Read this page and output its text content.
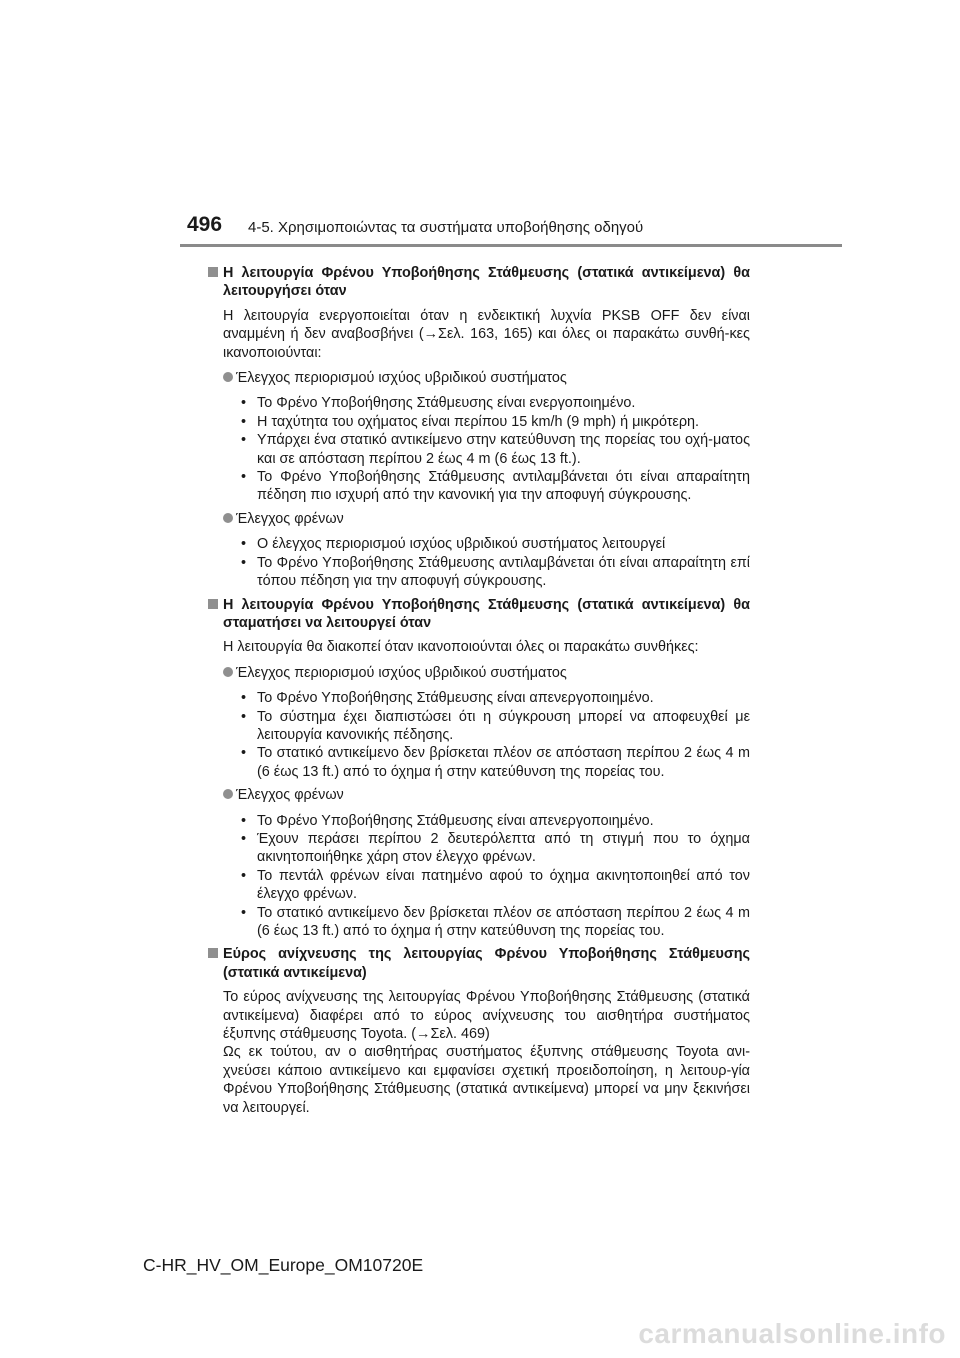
496 4-5. Χρησιμοποιώντας τα συστήματα υποβοήθησης οδηγού
Η λειτουργία Φρένου Υποβοήθησης Στάθμευσης (στατικά αντικείμενα) θα λειτουργήσει όταν
Η λειτουργία ενεργοποιείται όταν η ενδεικτική λυχνία PKSB OFF δεν είναι αναμμένη ή δεν αναβοσβήνει (→Σελ. 163, 165) και όλες οι παρακάτω συνθή-κες ικανοποιούνται:
Έλεγχος περιορισμού ισχύος υβριδικού συστήματος
• Το Φρένο Υποβοήθησης Στάθμευσης είναι ενεργοποιημένο.
• Η ταχύτητα του οχήματος είναι περίπου 15 km/h (9 mph) ή μικρότερη.
• Υπάρχει ένα στατικό αντικείμενο στην κατεύθυνση της πορείας του οχή-ματος και σε απόσταση περίπου 2 έως 4 m (6 έως 13 ft.).
• Το Φρένο Υποβοήθησης Στάθμευσης αντιλαμβάνεται ότι είναι απαραίτητη πέδηση πιο ισχυρή από την κανονική για την αποφυγή σύγκρουσης.
Έλεγχος φρένων
• Ο έλεγχος περιορισμού ισχύος υβριδικού συστήματος λειτουργεί
• Το Φρένο Υποβοήθησης Στάθμευσης αντιλαμβάνεται ότι είναι απαραίτητη επί τόπου πέδηση για την αποφυγή σύγκρουσης.
Η λειτουργία Φρένου Υποβοήθησης Στάθμευσης (στατικά αντικείμενα) θα σταματήσει να λειτουργεί όταν
Η λειτουργία θα διακοπεί όταν ικανοποιούνται όλες οι παρακάτω συνθήκες:
Έλεγχος περιορισμού ισχύος υβριδικού συστήματος
• Το Φρένο Υποβοήθησης Στάθμευσης είναι απενεργοποιημένο.
• Το σύστημα έχει διαπιστώσει ότι η σύγκρουση μπορεί να αποφευχθεί με λειτουργία κανονικής πέδησης.
• Το στατικό αντικείμενο δεν βρίσκεται πλέον σε απόσταση περίπου 2 έως 4 m (6 έως 13 ft.) από το όχημα ή στην κατεύθυνση της πορείας του.
Έλεγχος φρένων
• Το Φρένο Υποβοήθησης Στάθμευσης είναι απενεργοποιημένο.
• Έχουν περάσει περίπου 2 δευτερόλεπτα από τη στιγμή που το όχημα ακινητοποιήθηκε χάρη στον έλεγχο φρένων.
• Το πεντάλ φρένων είναι πατημένο αφού το όχημα ακινητοποιηθεί από τον έλεγχο φρένων.
• Το στατικό αντικείμενο δεν βρίσκεται πλέον σε απόσταση περίπου 2 έως 4 m (6 έως 13 ft.) από το όχημα ή στην κατεύθυνση της πορείας του.
Εύρος ανίχνευσης της λειτουργίας Φρένου Υποβοήθησης Στάθμευσης (στατικά αντικείμενα)
Το εύρος ανίχνευσης της λειτουργίας Φρένου Υποβοήθησης Στάθμευσης (στατικά αντικείμενα) διαφέρει από το εύρος ανίχνευσης του αισθητήρα συστήματος έξυπνης στάθμευσης Toyota. (→Σελ. 469)
Ως εκ τούτου, αν ο αισθητήρας συστήματος έξυπνης στάθμευσης Toyota ανι-χνεύσει κάποιο αντικείμενο και εμφανίσει σχετική προειδοποίηση, η λειτουρ-γία Φρένου Υποβοήθησης Στάθμευσης (στατικά αντικείμενα) μπορεί να μην ξεκινήσει να λειτουργεί.
C-HR_HV_OM_Europe_OM10720E
carmanualsonline.info
